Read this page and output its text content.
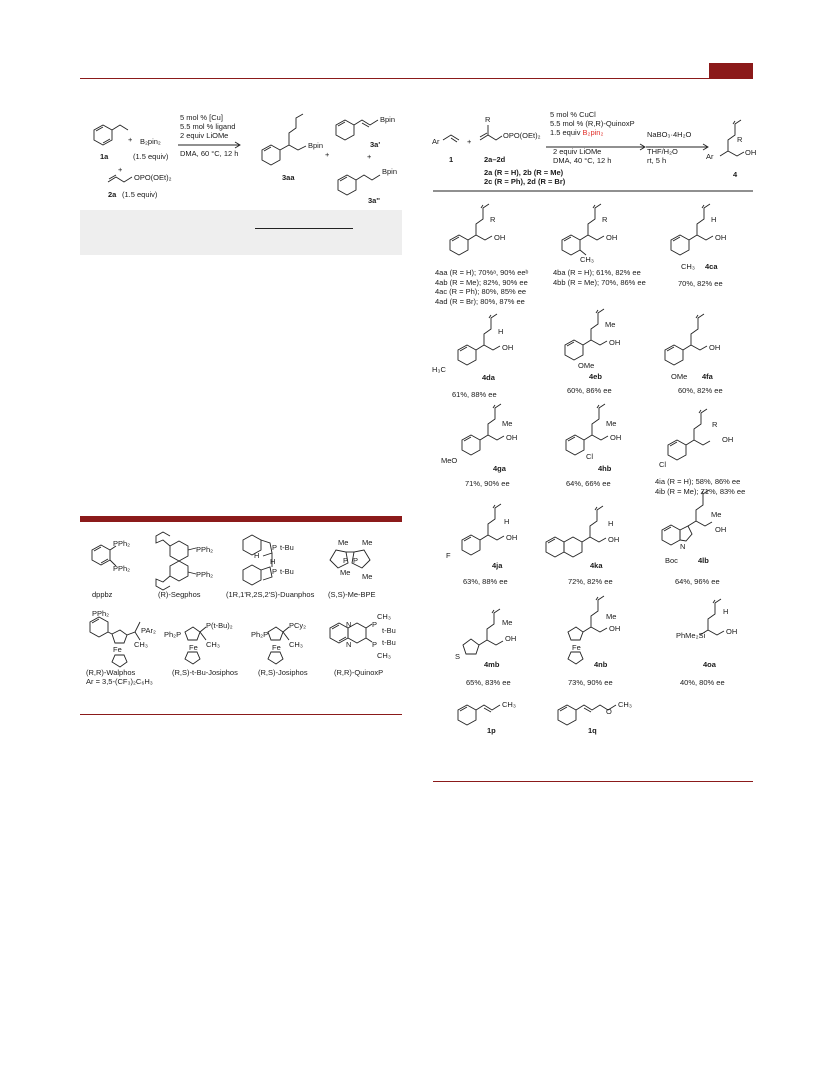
1a
+ B₂pin₂
(1.5 equiv)
+
OPO(OEt)₂
2a (1.5 equiv)
5 mol % [Cu]
5.5 mol % ligand
2 equiv LiOMe
DMA, 60 °C, 12 h
Bpin
3aa
+
Bpin
3a'
+
Bpin
3a''
PPh₂
PPh₂
dppbz
PPh₂
PPh₂
(R)-Segphos
P t-Bu
H
H
P t-Bu
(1R,1'R,2S,2'S)-Duanphos
Me Me
P P
Me Me
(S,S)-Me-BPE
PPh₂
PAr₂
Fe
CH₃
(R,R)-Walphos
Ar = 3,5-(CF₃)₂C₆H₃
Ph₂P
P(t-Bu)₂
Fe CH₃
(R,S)-t-Bu-Josiphos
Ph₂P
PCy₂
Fe CH₃
(R,S)-Josiphos
CH₃
P
t-Bu
N
N	P t-Bu
CH₃
(R,R)-QuinoxP
Ar
1
+
R
OPO(OEt)₂
2a–2d
5 mol % CuCl
5.5 mol % (R,R)-QuinoxP
1.5 equiv B₂pin₂
2 equiv LiOMe
DMA, 40 °C, 12 h
NaBO₃·4H₂O
THF/H₂O
rt, 5 h
2a (R = H), 2b (R = Me)
2c (R = Ph), 2d (R = Br)
R
Ar	OH
4
R
OH
R
OH
CH₃
H
OH
CH₃ 4ca
H
OH
H₃C
4da
Me
OH
OMe
4eb
OH
OMe 4fa
Me
OH
MeO
4ga
Me
OH
Cl
4hb
R
OH
Cl
H
OH
F
4ja
H
OH
4ka
Me
OH
N
Boc	4lb
Me
OH
S
4mb
Me
OH
Fe
4nb
H
OH
PhMe₂Si
4oa
4aa (R = H); 70%ᵃ, 90% eeᵇ
4ab (R = Me); 82%, 90% ee
4ac (R = Ph); 80%, 85% ee
4ad (R = Br); 80%, 87% ee
4ba (R = H); 61%, 82% ee
4bb (R = Me); 70%, 86% ee	70%, 82% ee
61%, 88% ee	60%, 86% ee	60%, 82% ee
71%, 90% ee	64%, 66% ee	4ia (R = H); 58%, 86% ee
4ib (R = Me); 71%, 83% ee
63%, 88% ee	72%, 82% ee	64%, 96% ee
65%, 83% ee	73%, 90% ee	40%, 80% ee
CH₃
1p
O
CH₃
1q
